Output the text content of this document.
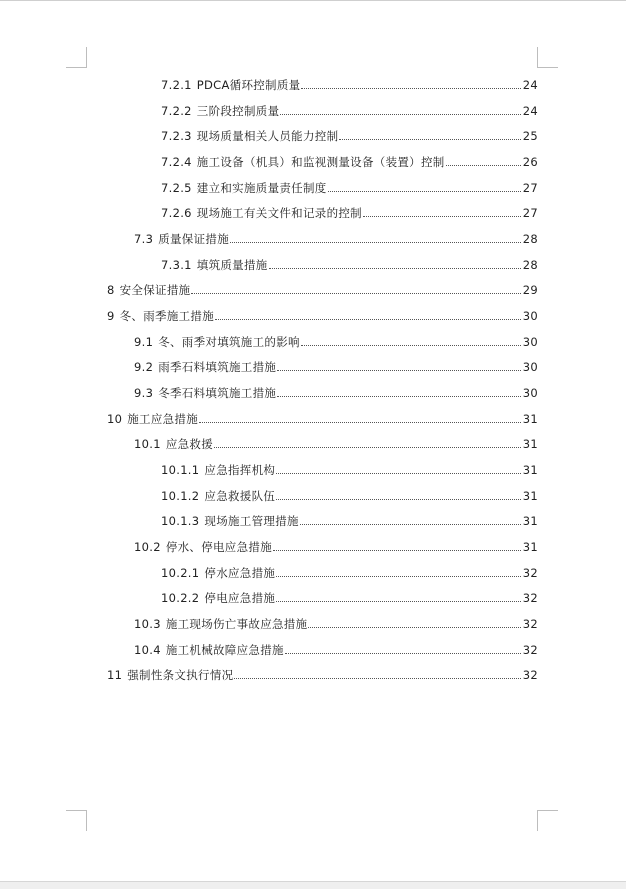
7.2.1 PDCA循环控制质量	24
7.2.2 三阶段控制质量	24
7.2.3 现场质量相关人员能力控制	25
7.2.4 施工设备（机具）和监视测量设备（装置）控制	26
7.2.5 建立和实施质量责任制度	27
7.2.6 现场施工有关文件和记录的控制	27
7.3 质量保证措施	28
7.3.1 填筑质量措施	28
8 安全保证措施	29
9 冬、雨季施工措施	30
9.1 冬、雨季对填筑施工的影响	30
9.2 雨季石料填筑施工措施	30
9.3 冬季石料填筑施工措施	30
10 施工应急措施	31
10.1 应急救援	31
10.1.1 应急指挥机构	31
10.1.2 应急救援队伍	31
10.1.3 现场施工管理措施	31
10.2 停水、停电应急措施	31
10.2.1 停水应急措施	32
10.2.2 停电应急措施	32
10.3 施工现场伤亡事故应急措施	32
10.4 施工机械故障应急措施	32
11 强制性条文执行情况	32
